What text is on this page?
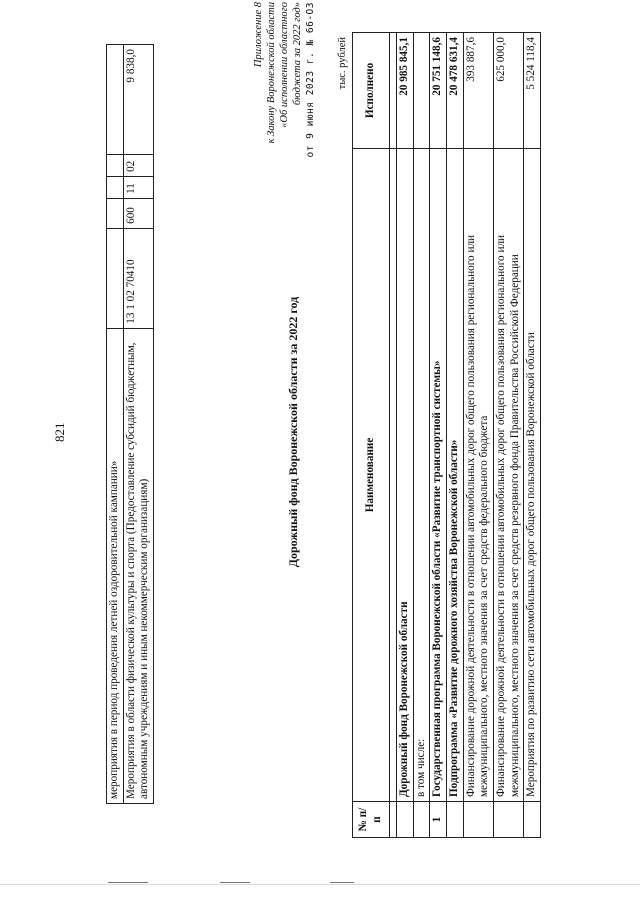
821
мероприятия в период проведения летней оздоровительной кампании»					
Мероприятия в области физической культуры и спорта (Предоставление субсидий бюджетным, автономным учреждениям и иным некоммерческим организациям)	13 1 02 70410	600	11	02	9 838,0	Приложение 8 к Закону Воронежской области «Об исполнении областного бюджета за 2022 год» от 9 июня 2023 г. № 66-ОЗ
Дорожный фонд Воронежской области за 2022 год
тыс. рублей
№ п/п	Наименование	Исполнено
1	2	3
	Дорожный фонд Воронежской области	20 985 845,1
	в том числе:	
1	Государственная программа Воронежской области «Развитие транспортной системы»	20 751 148,6
	Подпрограмма «Развитие дорожного хозяйства Воронежской области»	20 478 631,4
	Финансирование дорожной деятельности в отношении автомобильных дорог общего пользования регионального или межмуниципального, местного значения за счет средств федерального бюджета	393 887,6
	Финансирование дорожной деятельности в отношении автомобильных дорог общего пользования регионального или межмуниципального, местного значения за счет средств резервного фонда Правительства Российской Федерации	625 000,0
	Мероприятия по развитию сети автомобильных дорог общего пользования Воронежской области	5 524 118,4
